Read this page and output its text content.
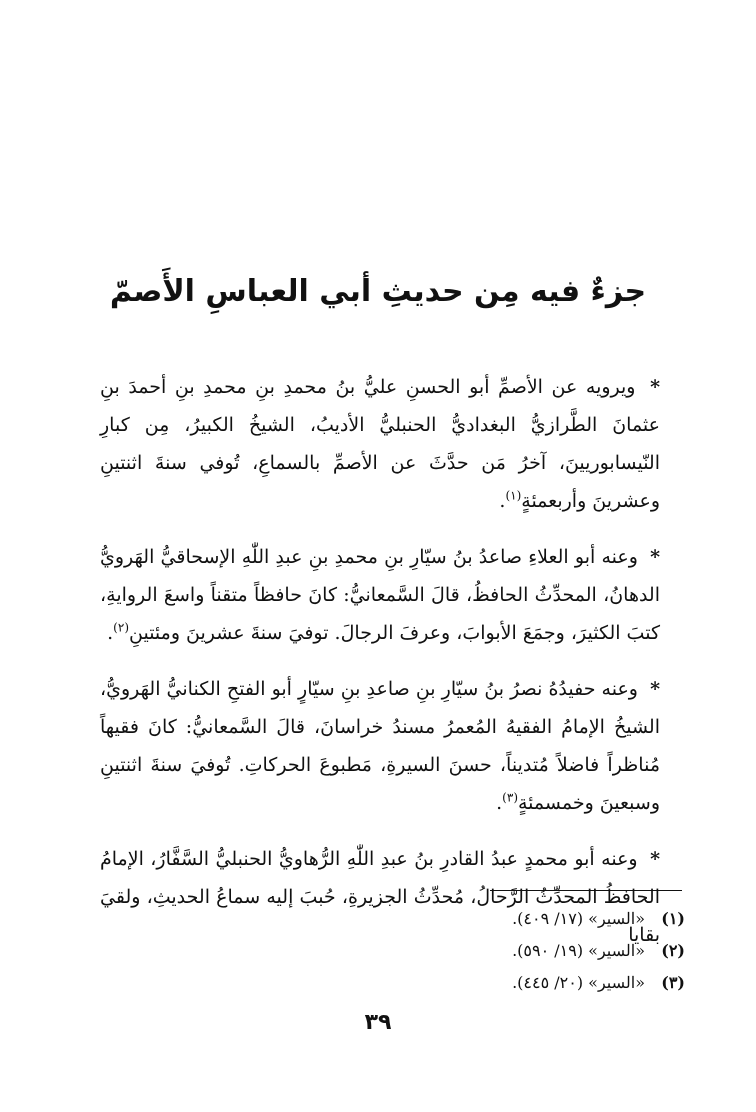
جزءٌ فيه مِن حديثِ أبي العباسِ الأَصمّ

* ويرويه عن الأصمِّ أبو الحسنِ عليُّ بنُ محمدِ بنِ محمدِ بنِ أحمدَ بنِ عثمانَ الطَّرازيُّ البغداديُّ الحنبليُّ الأديبُ، الشيخُ الكبيرُ، مِن كبارِ النّيسابوريينَ، آخرُ مَن حدَّثَ عن الأصمِّ بالسماعِ، تُوفي سنةَ اثنتينِ وعشرينَ وأربعمئةٍ$^{(١)}$.

* وعنه أبو العلاءِ صاعدُ بنُ سيّارِ بنِ محمدِ بنِ عبدِ اللّٰهِ الإسحاقيُّ الهَرويُّ الدهانُ، المحدِّثُ الحافظُ، قالَ السَّمعانيُّ: كانَ حافظاً متقناً واسعَ الروايةِ، كتبَ الكثيرَ، وجمَعَ الأبوابَ، وعرفَ الرجالَ. توفيَ سنةَ عشرينَ ومئتينِ$^{(٢)}$.

* وعنه حفيدُهُ نصرُ بنُ سيّارِ بنِ صاعدِ بنِ سيّارٍ أبو الفتحِ الكنانيُّ الهَرويُّ، الشيخُ الإمامُ الفقيهُ المُعمرُ مسندُ خراسانَ، قالَ السَّمعانيُّ: كانَ فقيهاً مُناظراً فاضلاً مُتديناً، حسنَ السيرةِ، مَطبوعَ الحركاتِ. تُوفيَ سنةَ اثنتينِ وسبعينَ وخمسمئةٍ$^{(٣)}$.

* وعنه أبو محمدٍ عبدُ القادرِ بنُ عبدِ اللّٰهِ الرُّهاويُّ الحنبليُّ السَّفَّارُ، الإمامُ الحافظُ المحدِّثُ الرَّحالُ، مُحدِّثُ الجزيرةِ، حُببَ إليه سماعُ الحديثِ، ولقيَ بقايا

(١)«السير» (١٧/ ٤٠٩).
(٢)«السير» (١٩/ ٥٩٠).
(٣)«السير» (٢٠/ ٤٤٥).
٣٩
